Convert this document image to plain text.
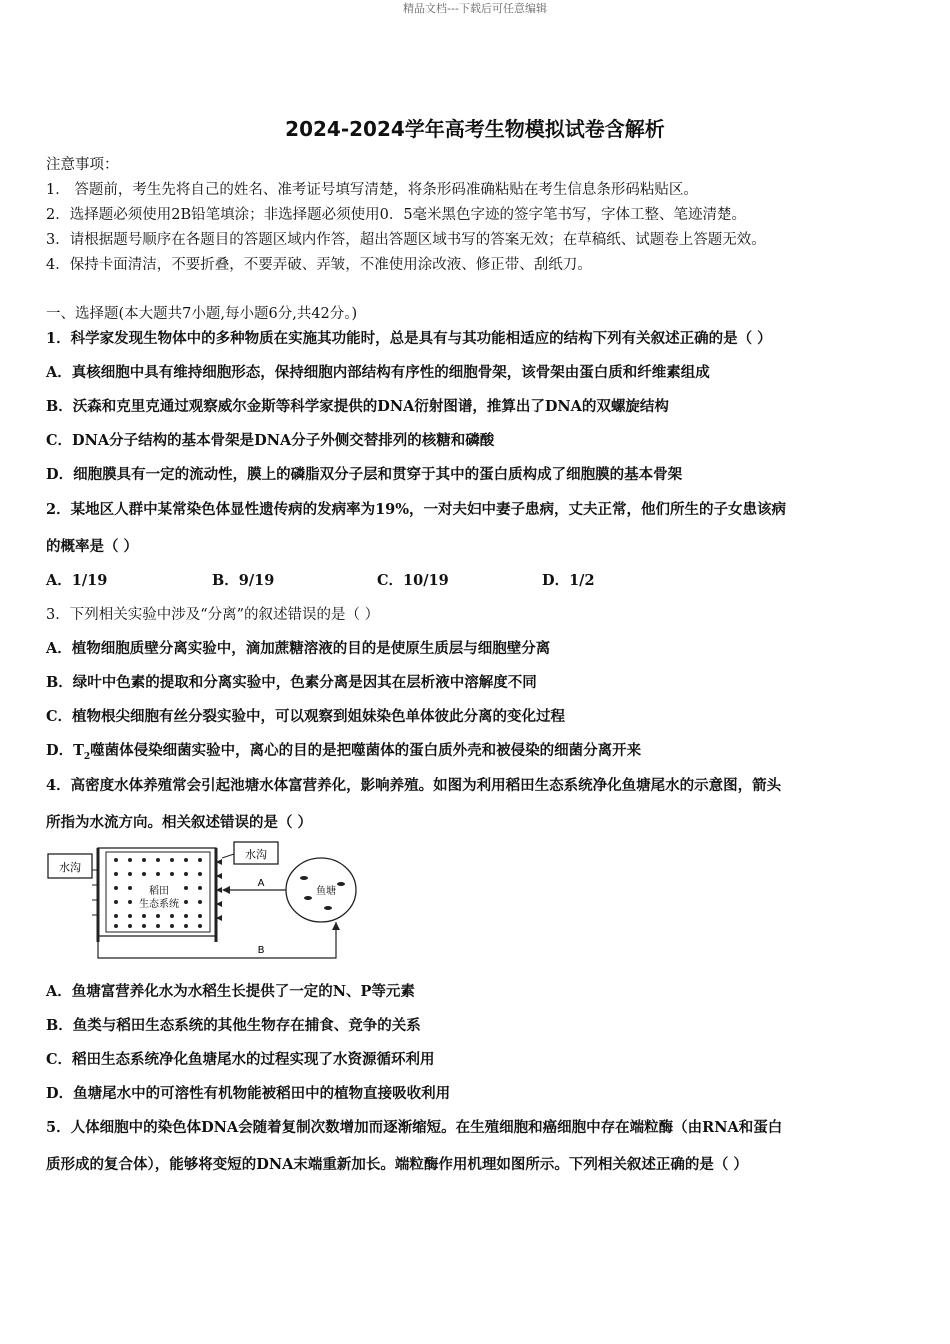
精品文档---下载后可任意编辑
2024-2024学年高考生物模拟试卷含解析
注意事项：
1． 答题前，考生先将自己的姓名、准考证号填写清楚，将条形码准确粘贴在考生信息条形码粘贴区。
2．选择题必须使用2B铅笔填涂；非选择题必须使用0．5毫米黑色字迹的签字笔书写，字体工整、笔迹清楚。
3．请根据题号顺序在各题目的答题区域内作答，超出答题区域书写的答案无效；在草稿纸、试题卷上答题无效。
4．保持卡面清洁，不要折叠，不要弄破、弄皱，不准使用涂改液、修正带、刮纸刀。
一、选择题(本大题共7小题,每小题6分,共42分。)
1．科学家发现生物体中的多种物质在实施其功能时，总是具有与其功能相适应的结构下列有关叙述正确的是（ ）
A．真核细胞中具有维持细胞形态，保持细胞内部结构有序性的细胞骨架，该骨架由蛋白质和纤维素组成
B．沃森和克里克通过观察威尔金斯等科学家提供的DNA衍射图谱，推算出了DNA的双螺旋结构
C．DNA分子结构的基本骨架是DNA分子外侧交替排列的核糖和磷酸
D．细胞膜具有一定的流动性，膜上的磷脂双分子层和贯穿于其中的蛋白质构成了细胞膜的基本骨架
2．某地区人群中某常染色体显性遗传病的发病率为19%，一对夫妇中妻子患病，丈夫正常，他们所生的子女患该病
的概率是（ ）
A．1/19	B．9/19	C．10/19	D．1/2
3．下列相关实验中涉及“分离”的叙述错误的是（ ）
A．植物细胞质壁分离实验中，滴加蔗糖溶液的目的是使原生质层与细胞壁分离
B．绿叶中色素的提取和分离实验中，色素分离是因其在层析液中溶解度不同
C．植物根尖细胞有丝分裂实验中，可以观察到姐妹染色单体彼此分离的变化过程
D．$T_2$噬菌体侵染细菌实验中，离心的目的是把噬菌体的蛋白质外壳和被侵染的细菌分离开来
4．高密度水体养殖常会引起池塘水体富营养化，影响养殖。如图为利用稻田生态系统净化鱼塘尾水的示意图，箭头
所指为水流方向。相关叙述错误的是（ ）
水沟
水沟
稻田
生态系统
鱼塘
A
B
A．鱼塘富营养化水为水稻生长提供了一定的N、P等元素
B．鱼类与稻田生态系统的其他生物存在捕食、竞争的关系
C．稻田生态系统净化鱼塘尾水的过程实现了水资源循环利用
D．鱼塘尾水中的可溶性有机物能被稻田中的植物直接吸收利用
5．人体细胞中的染色体DNA会随着复制次数增加而逐渐缩短。在生殖细胞和癌细胞中存在端粒酶（由RNA和蛋白
质形成的复合体），能够将变短的DNA末端重新加长。端粒酶作用机理如图所示。下列相关叙述正确的是（ ）
